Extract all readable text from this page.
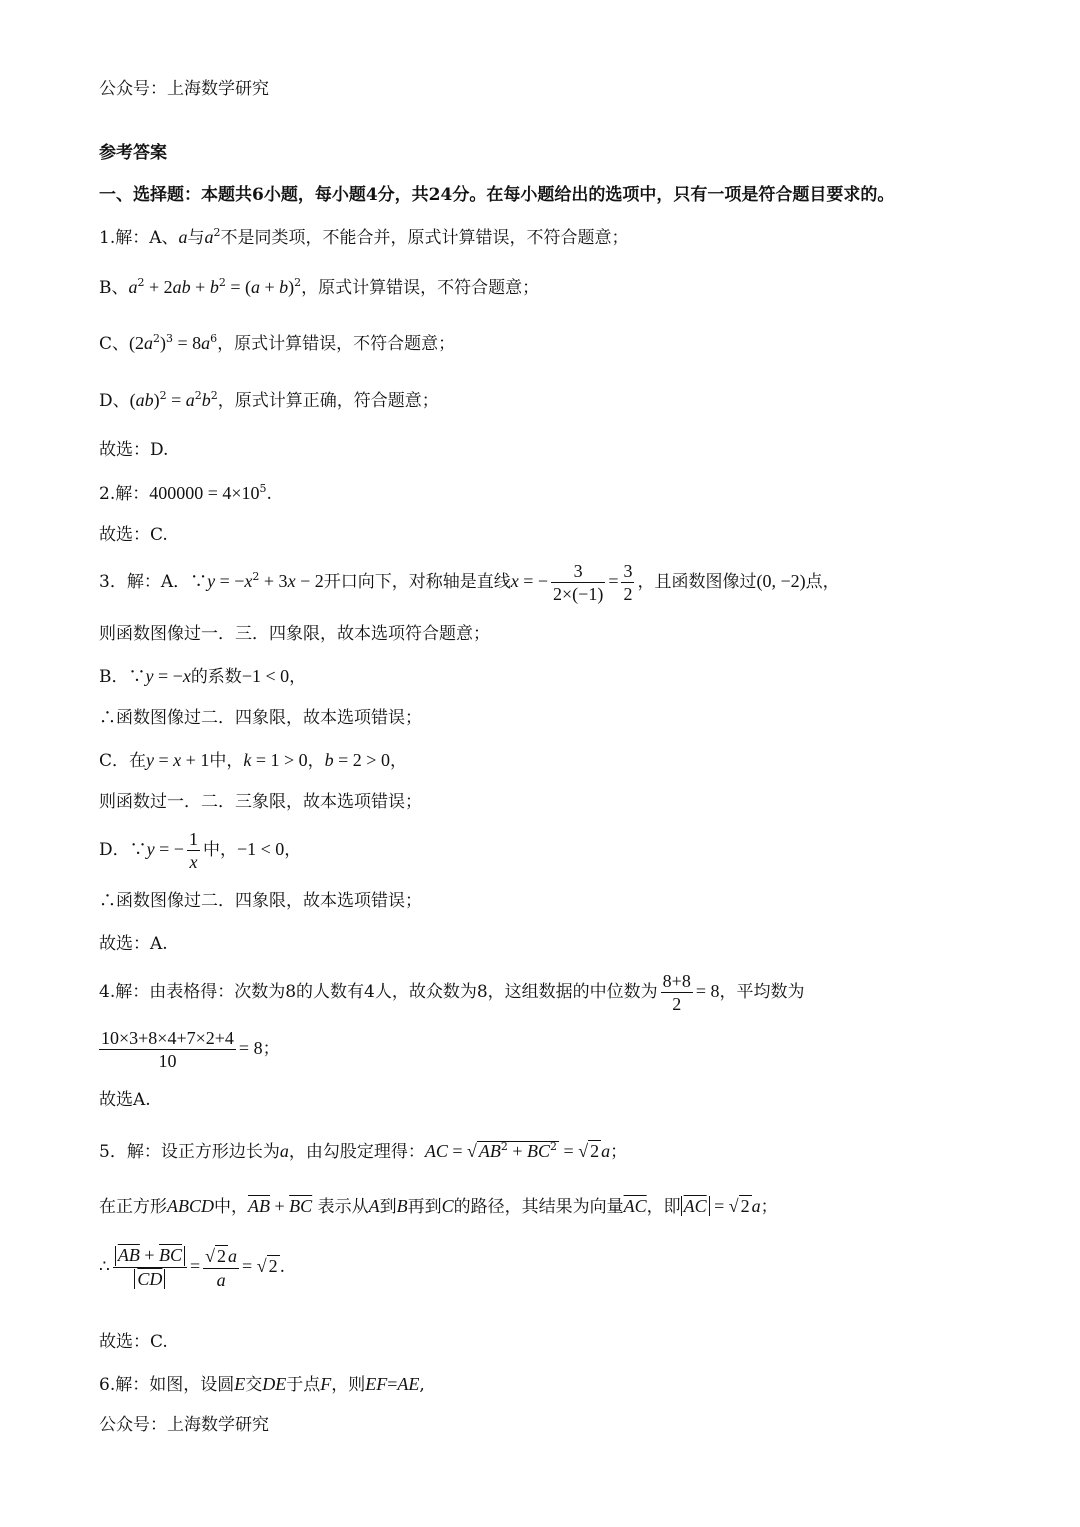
公众号：上海数学研究
参考答案
一、选择题：本题共6小题，每小题4分，共24分。在每小题给出的选项中，只有一项是符合题目要求的。
1.解：A、a与$a^2$不是同类项，不能合并，原式计算错误，不符合题意；
B、$a^2 + 2ab + b^2 = (a + b)^2$，原式计算错误，不符合题意；
C、$(2a^2)^3 = 8a^6$，原式计算错误，不符合题意；
D、$(ab)^2 = a^2b^2$，原式计算正确，符合题意；
故选：D.
2.解：$400000 = 4\times 10^5$.
故选：C.
3．解：A．∵y = $-x^2 + 3x - 2$开口向下，对称轴是直线x = − $\frac{3}{2\times(-1)} = \frac{3}{2}$ ，且函数图像过(0, −2)点，
则函数图像过一．三．四象限，故本选项符合题意；
B．∵y = −x的系数−1 < 0，
∴函数图像过二．四象限，故本选项错误；
C．在y = x + 1中，k = 1 > 0，b = 2 > 0，
则函数过一．二．三象限，故本选项错误；
D．∵y = − $\frac{1}{x}$ 中，−1 < 0，
∴函数图像过二．四象限，故本选项错误；
故选：A.
4.解：由表格得：次数为8的人数有4人，故众数为8，这组数据的中位数为 $\frac{8+8}{2} = 8$，平均数为
$\frac{10\times 3+8\times 4+7\times 2+4}{10} = 8$；
故选A.
5．解：设正方形边长为a，由勾股定理得：AC = √ $AB^2 + BC^2$ = √ 2 a；
在正方形ABCD中，$\overline{AB} + \overline{BC}$ 表示从A到B再到C的路径，其结果为向量$\overline{AC}$，即 $\overline{AC}$ = √ 2 a；
∴ $\frac{\overline{AB} + \overline{BC}}{CD} = \frac{√ 2 a}{a}$ = √ 2 .
故选：C.
6.解：如图，设圆E交DE于点F，则EF=AE,
公众号：上海数学研究
